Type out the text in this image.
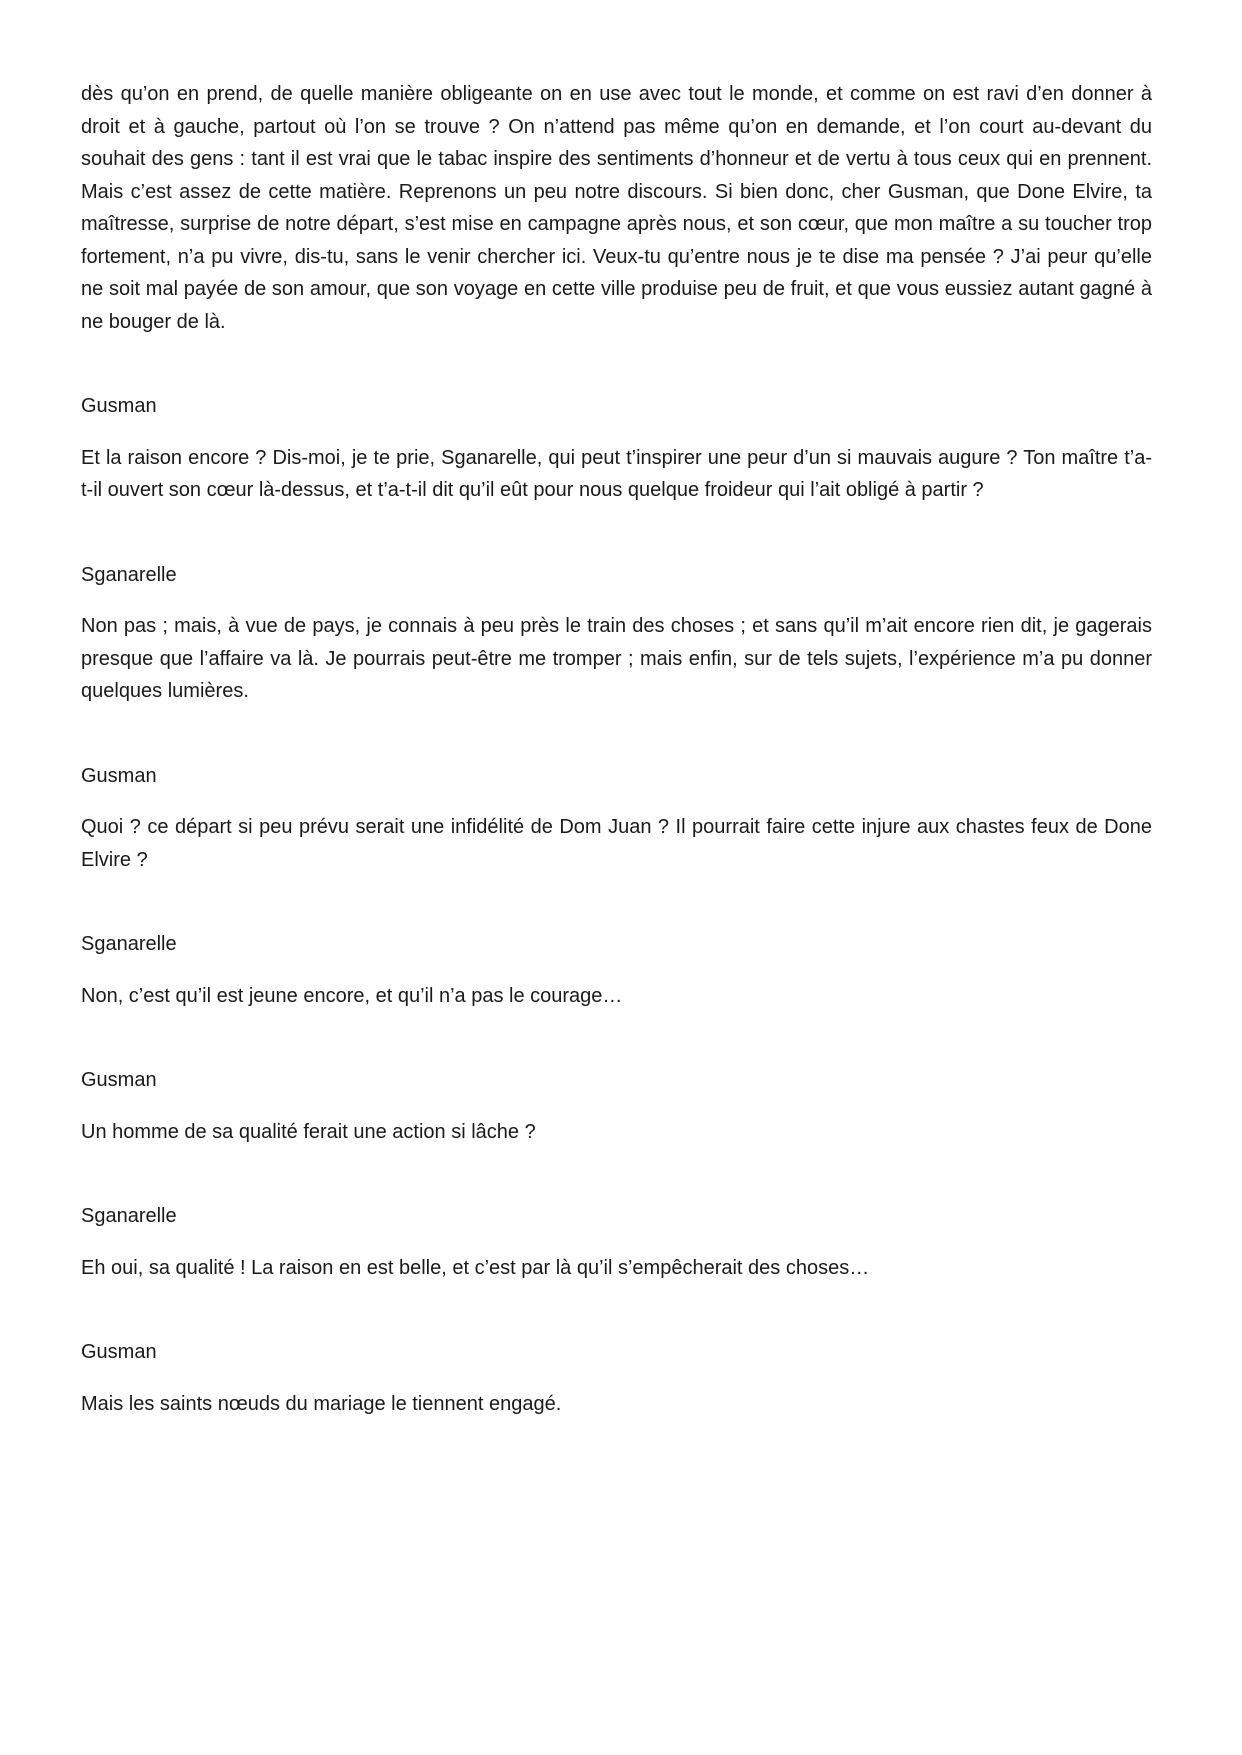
dès qu’on en prend, de quelle manière obligeante on en use avec tout le monde, et comme on est ravi d’en donner à droit et à gauche, partout où l’on se trouve ? On n’attend pas même qu’on en demande, et l’on court au-devant du souhait des gens : tant il est vrai que le tabac inspire des sentiments d’honneur et de vertu à tous ceux qui en prennent. Mais c’est assez de cette matière. Reprenons un peu notre discours. Si bien donc, cher Gusman, que Done Elvire, ta maîtresse, surprise de notre départ, s’est mise en campagne après nous, et son cœur, que mon maître a su toucher trop fortement, n’a pu vivre, dis-tu, sans le venir chercher ici. Veux-tu qu’entre nous je te dise ma pensée ? J’ai peur qu’elle ne soit mal payée de son amour, que son voyage en cette ville produise peu de fruit, et que vous eussiez autant gagné à ne bouger de là.

Gusman

Et la raison encore ? Dis-moi, je te prie, Sganarelle, qui peut t’inspirer une peur d’un si mauvais augure ? Ton maître t’a-t-il ouvert son cœur là-dessus, et t’a-t-il dit qu’il eût pour nous quelque froideur qui l’ait obligé à partir ?

Sganarelle

Non pas ; mais, à vue de pays, je connais à peu près le train des choses ; et sans qu’il m’ait encore rien dit, je gagerais presque que l’affaire va là. Je pourrais peut-être me tromper ; mais enfin, sur de tels sujets, l’expérience m’a pu donner quelques lumières.

Gusman

Quoi ? ce départ si peu prévu serait une infidélité de Dom Juan ? Il pourrait faire cette injure aux chastes feux de Done Elvire ?

Sganarelle

Non, c’est qu’il est jeune encore, et qu’il n’a pas le courage…

Gusman

Un homme de sa qualité ferait une action si lâche ?

Sganarelle

Eh oui, sa qualité ! La raison en est belle, et c’est par là qu’il s’empêcherait des choses…

Gusman

Mais les saints nœuds du mariage le tiennent engagé.
